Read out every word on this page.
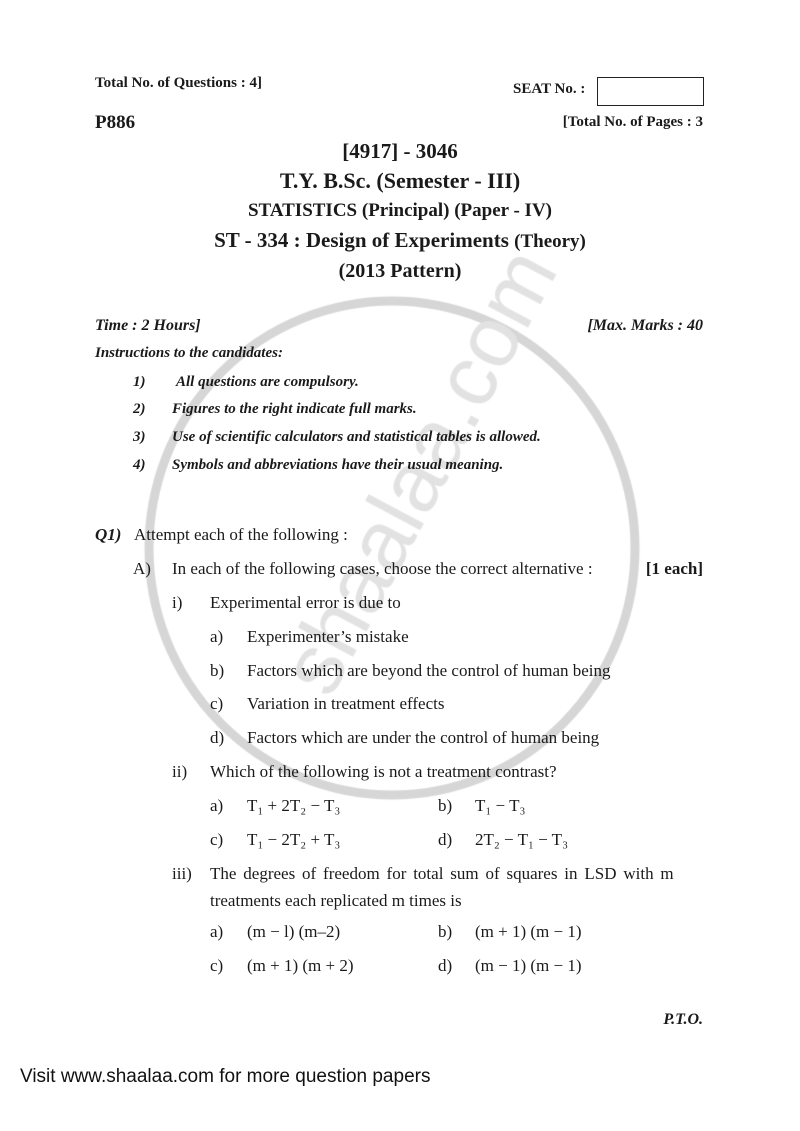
Total No. of Questions : 4]	SEAT No. :
P886	[Total No. of Pages : 3
[4917] - 3046
T.Y. B.Sc. (Semester - III)
STATISTICS (Principal) (Paper - IV)
ST - 334 : Design of Experiments (Theory)
(2013 Pattern)
Time : 2 Hours]	[Max. Marks : 40
Instructions to the candidates:
1) All questions are compulsory.
2) Figures to the right indicate full marks.
3) Use of scientific calculators and statistical tables is allowed.
4) Symbols and abbreviations have their usual meaning.
Q1) Attempt each of the following :
A) In each of the following cases, choose the correct alternative :	[1 each]
i) Experimental error is due to
a) Experimenter’s mistake
b) Factors which are beyond the control of human being
c) Variation in treatment effects
d) Factors which are under the control of human being
ii) Which of the following is not a treatment contrast?
a) T₁ + 2T₂ − T₃	b) T₁ − T₃
c) T₁ − 2T₂ + T₃	d) 2T₂ − T₁ − T₃
iii) The degrees of freedom for total sum of squares in LSD with m
treatments each replicated m times is
a) (m − l) (m–2)	b) (m + 1) (m − 1)
c) (m + 1) (m + 2)	d) (m − 1) (m − 1)
P.T.O.
Visit www.shaalaa.com for more question papers
